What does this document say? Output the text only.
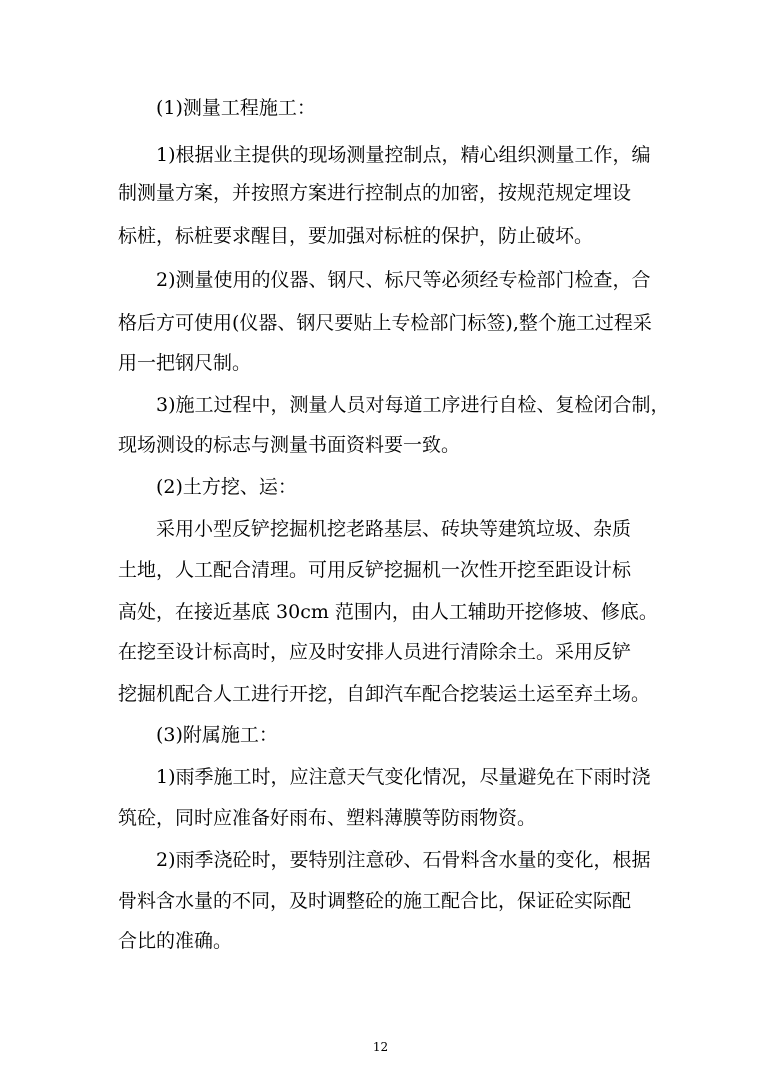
(1)测量工程施工：
1)根据业主提供的现场测量控制点，精心组织测量工作，编
制测量方案，并按照方案进行控制点的加密，按规范规定埋设
标桩，标桩要求醒目，要加强对标桩的保护，防止破坏。
2)测量使用的仪器、钢尺、标尺等必须经专检部门检查，合
格后方可使用(仪器、钢尺要贴上专检部门标签),整个施工过程采
用一把钢尺制。
3)施工过程中，测量人员对每道工序进行自检、复检闭合制，
现场测设的标志与测量书面资料要一致。
(2)土方挖、运：
采用小型反铲挖掘机挖老路基层、砖块等建筑垃圾、杂质
土地，人工配合清理。可用反铲挖掘机一次性开挖至距设计标
高处，在接近基底 30cm 范围内，由人工辅助开挖修坡、修底。
在挖至设计标高时，应及时安排人员进行清除余土。采用反铲
挖掘机配合人工进行开挖，自卸汽车配合挖装运土运至弃土场。
(3)附属施工：
1)雨季施工时，应注意天气变化情况，尽量避免在下雨时浇
筑砼，同时应准备好雨布、塑料薄膜等防雨物资。
2)雨季浇砼时，要特别注意砂、石骨料含水量的变化，根据
骨料含水量的不同，及时调整砼的施工配合比，保证砼实际配
合比的准确。
12
